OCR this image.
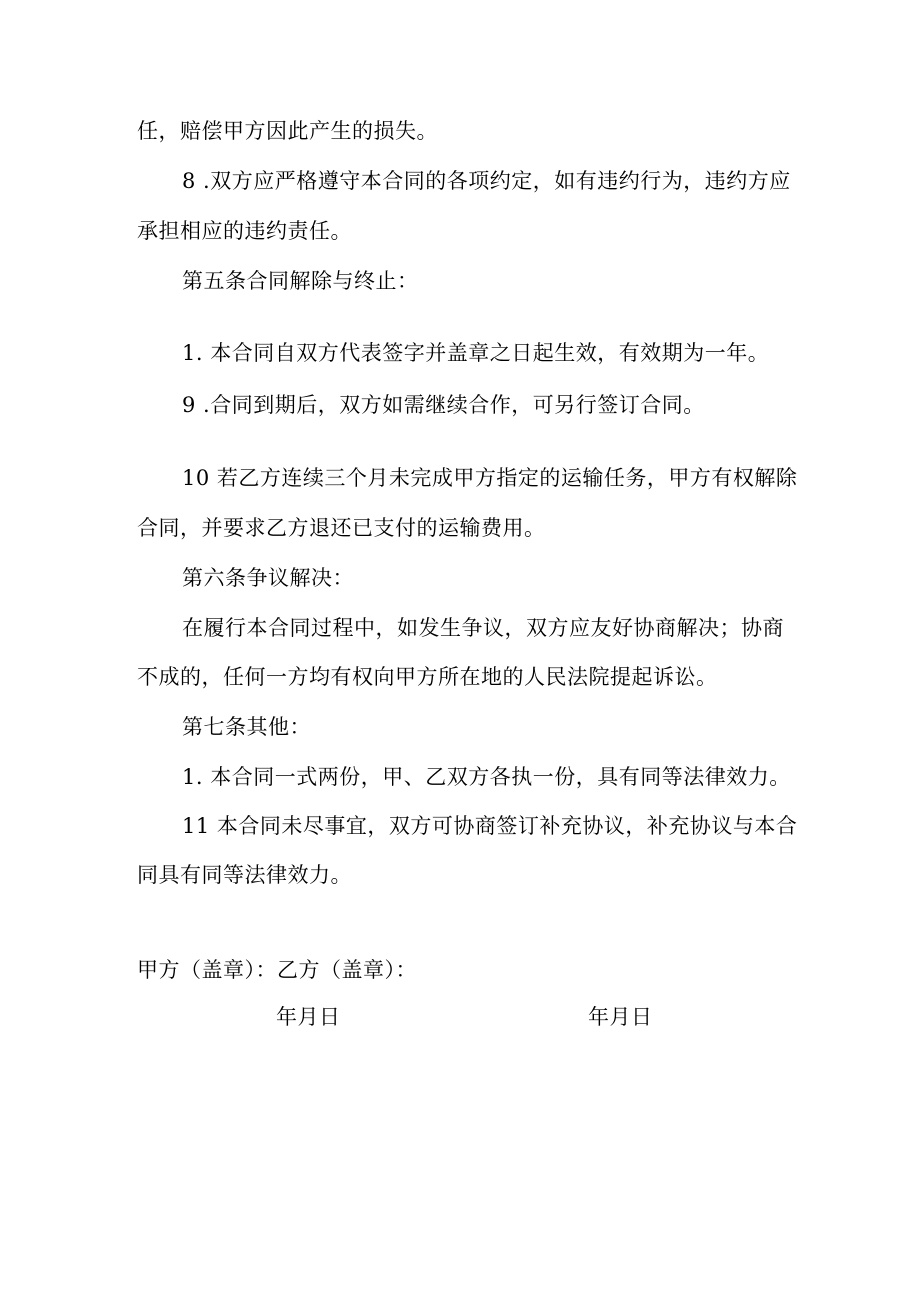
任，赔偿甲方因此产生的损失。
8 .双方应严格遵守本合同的各项约定，如有违约行为，违约方应
承担相应的违约责任。
第五条合同解除与终止：
1. 本合同自双方代表签字并盖章之日起生效，有效期为一年。
9 .合同到期后，双方如需继续合作，可另行签订合同。
10 若乙方连续三个月未完成甲方指定的运输任务，甲方有权解除
合同，并要求乙方退还已支付的运输费用。
第六条争议解决：
在履行本合同过程中，如发生争议，双方应友好协商解决；协商
不成的，任何一方均有权向甲方所在地的人民法院提起诉讼。
第七条其他：
1. 本合同一式两份，甲、乙双方各执一份，具有同等法律效力。
11 本合同未尽事宜，双方可协商签订补充协议，补充协议与本合
同具有同等法律效力。
甲方（盖章）：乙方（盖章）：
年月日	年月日
